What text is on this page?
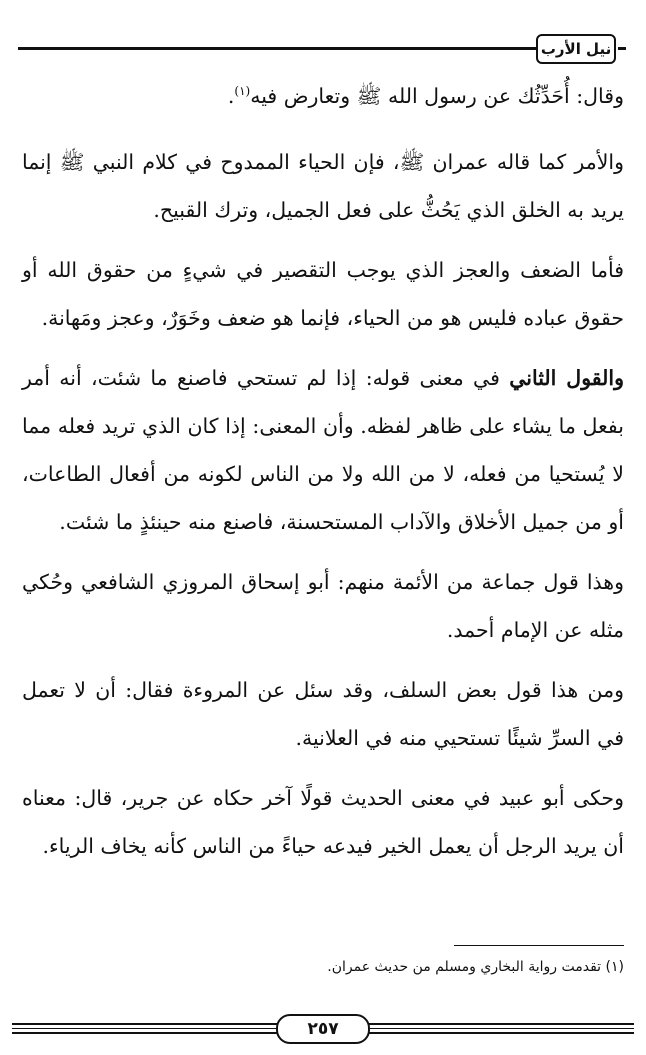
نيل الأرب

وقال: أُحَدِّثُك عن رسول الله ﷺ وتعارض فيه$^{(١)}$.

والأمر كما قاله عمران ﷺ، فإن الحياء الممدوح في كلام النبي ﷺ إنما يريد به الخلق الذي يَحُثُّ على فعل الجميل، وترك القبيح.

فأما الضعف والعجز الذي يوجب التقصير في شيءٍ من حقوق الله أو حقوق عباده فليس هو من الحياء، فإنما هو ضعف وخَوَرٌ، وعجز ومَهانة.

والقول الثاني في معنى قوله: إذا لم تستحي فاصنع ما شئت، أنه أمر بفعل ما يشاء على ظاهر لفظه. وأن المعنى: إذا كان الذي تريد فعله مما لا يُستحيا من فعله، لا من الله ولا من الناس لكونه من أفعال الطاعات، أو من جميل الأخلاق والآداب المستحسنة، فاصنع منه حينئذٍ ما شئت.

وهذا قول جماعة من الأئمة منهم: أبو إسحاق المروزي الشافعي وحُكي مثله عن الإمام أحمد.

ومن هذا قول بعض السلف، وقد سئل عن المروءة فقال: أن لا تعمل في السرِّ شيئًا تستحيي منه في العلانية.

وحكى أبو عبيد في معنى الحديث قولًا آخر حكاه عن جرير، قال: معناه أن يريد الرجل أن يعمل الخير فيدعه حياءً من الناس كأنه يخاف الرياء.

(١) تقدمت رواية البخاري ومسلم من حديث عمران.
٢٥٧
